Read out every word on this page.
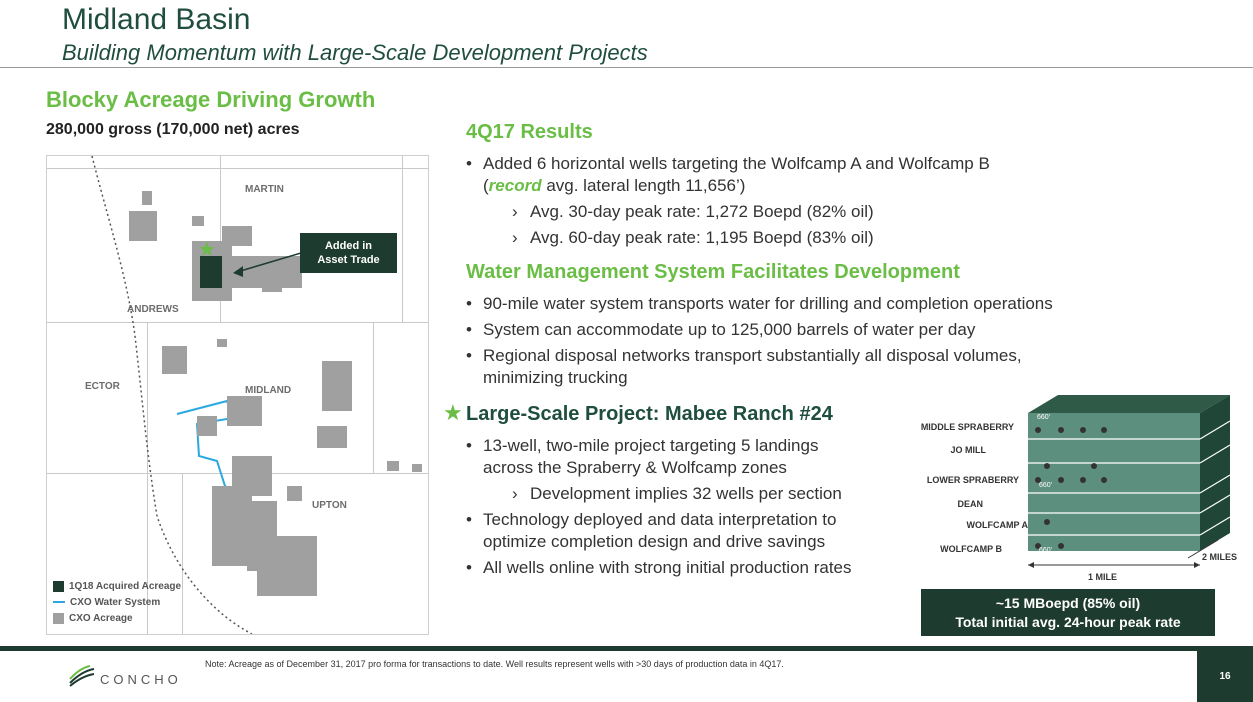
Midland Basin
Building Momentum with Large-Scale Development Projects
Blocky Acreage Driving Growth
280,000 gross (170,000 net) acres
MARTIN
ANDREWS
ECTOR	MIDLAND
UPTON
★
1Q18 Acquired Acreage
CXO Water System
CXO Acreage
Added in
Asset Trade
4Q17 Results
• Added 6 horizontal wells targeting the Wolfcamp A and Wolfcamp B
(record avg. lateral length 11,656’)
› Avg. 30-day peak rate: 1,272 Boepd (82% oil)
› Avg. 60-day peak rate: 1,195 Boepd (83% oil)
Water Management System Facilitates Development
• 90-mile water system transports water for drilling and completion operations
• System can accommodate up to 125,000 barrels of water per day
• Regional disposal networks transport substantially all disposal volumes,
minimizing trucking
★ Large-Scale Project: Mabee Ranch #24
• 13-well, two-mile project targeting 5 landings
across the Spraberry & Wolfcamp zones
› Development implies 32 wells per section
• Technology deployed and data interpretation to
optimize completion design and drive savings
• All wells online with strong initial production rates
660’
660’
660’
MIDDLE SPRABERRY
JO MILL
LOWER SPRABERRY
DEAN
WOLFCAMP A
WOLFCAMP B
1 MILE
2 MILES
~15 MBoepd (85% oil)
Total initial avg. 24-hour peak rate
CONCHO
Note: Acreage as of December 31, 2017 pro forma for transactions to date. Well results represent wells with >30 days of production data in 4Q17.
16
